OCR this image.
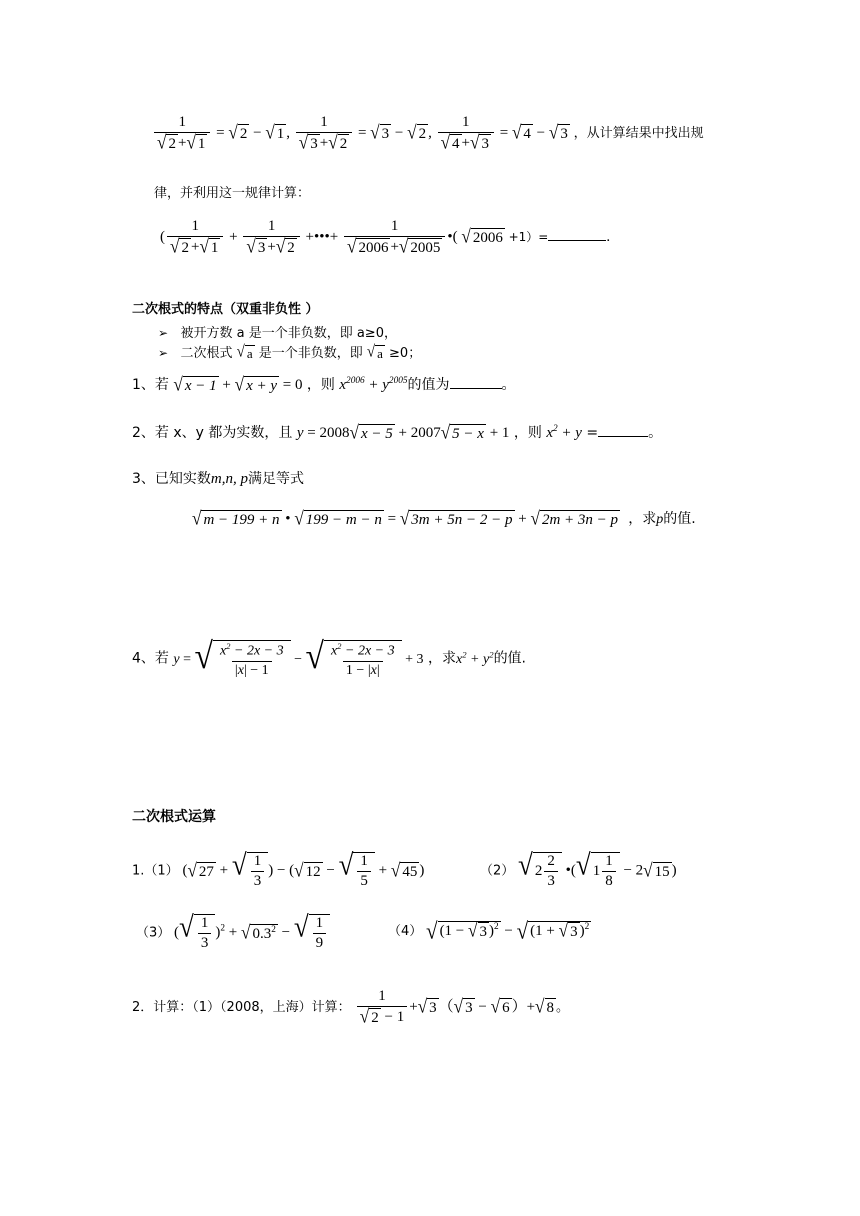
$\frac{1}{√ 2 + √ 1}$ = √ 2 − √ 1 , $\frac{1}{√ 3 + √ 2}$ = √ 3 − √ 2 , $\frac{1}{√ 4 + √ 3}$ = √ 4 − √ 3 ，从计算结果中找出规
律，并利用这一规律计算：
( $\frac{1}{√ 2 + √ 1} + \frac{1}{√ 3 + √ 2}$ +•••+ $\frac{1}{√ 2006 + √ 2005}$ •( √ 2006 +1）=	.
二次根式的特点（双重非负性 ）
➢ 被开方数 a 是一个非负数，即 a≥0，
➢ 二次根式 √ a 是一个非负数，即 √ a ≥0；
1、若 √ x − 1 + √ x + y = 0 ，则 $x^{2006} + y^{2005}$的值为	。
2、若 x、y 都为实数，且 y = 2008 √ x − 5 + 2007 √ 5 − x + 1 ，则 $x^2 + y$ =	。
3、已知实数m,n, p满足等式
√ m − 199 + n • √ 199 − m − n = √ 3m + 5n − 2 − p + √ 2m + 3n − p ，求p的值.
4、若 y = √ $\frac{x^2 - 2x - 3}{|x| - 1}$ − √ $\frac{x^2 - 2x - 3}{1 - |x|} + 3$ ，求$x^2 + y^2$的值.
二次根式运算
1.（1） ( √ 27 + √ $\frac{1}{3}$ ) − ( √ 12 − √ $\frac{1}{5}$ + √ 45 )	（2） √ $2 \frac{2}{3}$ •( √ $1 \frac{1}{8} - 2$ √ 15 )
（3） ( √ $\frac{1}{3} )^2$ + √ $0.3^2$ − √ $\frac{1}{9}$	（4） √ (1 − √ 3 )$^2$ − √ (1 + √ 3 )$^2$
2．计算：（1）（2008，上海）计算： $\frac{1}{√ 2 - 1}$ + √ 3 （ √ 3 − √ 6 ）+ √ 8 。
